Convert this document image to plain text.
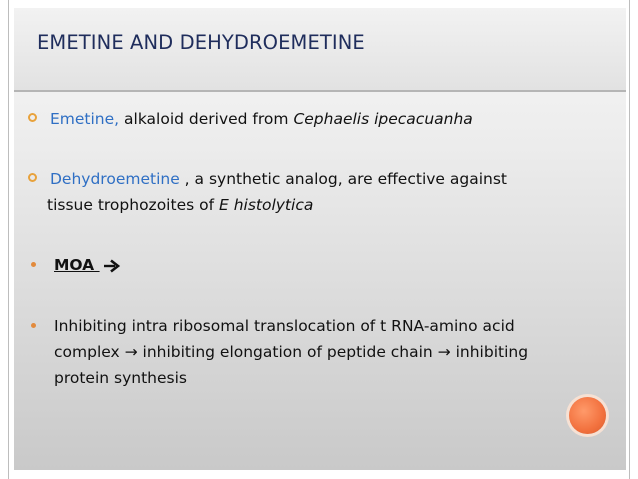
EMETINE AND DEHYDROEMETINE
Emetine, alkaloid derived from Cephaelis ipecacuanha
Dehydroemetine , a synthetic analog, are effective against
tissue trophozoites of E histolytica
MOA
Inhibiting intra ribosomal translocation of t RNA-amino acid
complex → inhibiting elongation of peptide chain → inhibiting
protein synthesis
